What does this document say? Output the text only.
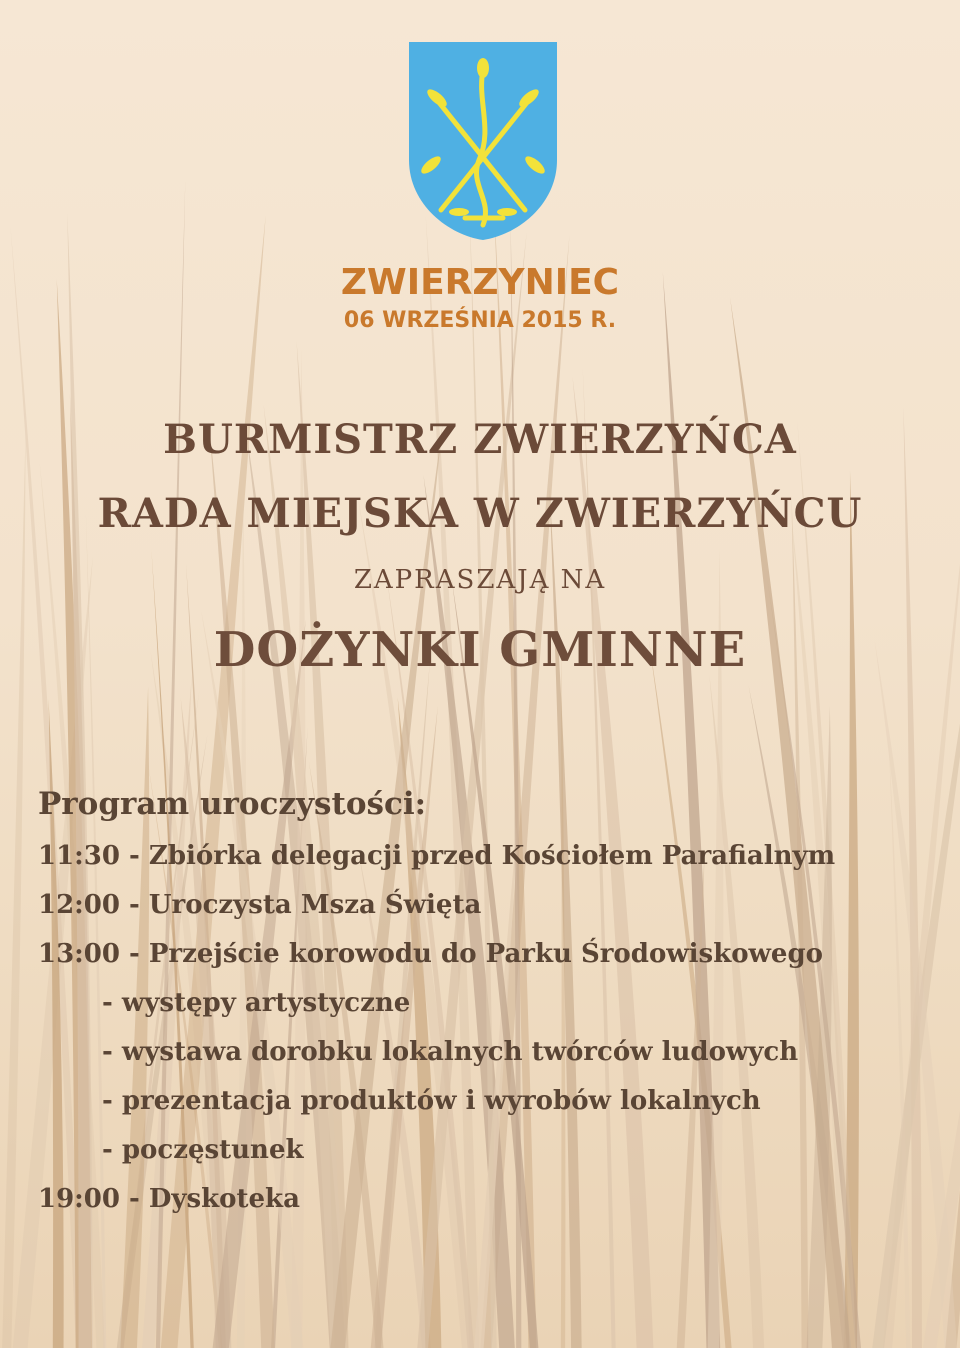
ZWIERZYNIEC
06 WRZEŚNIA 2015 R.
BURMISTRZ ZWIERZYŃCA
RADA MIEJSKA W ZWIERZYŃCU
ZAPRASZAJĄ NA
DOŻYNKI GMINNE
Program uroczystości:
11:30 - Zbiórka delegacji przed Kościołem Parafialnym
12:00 - Uroczysta Msza Święta
13:00 - Przejście korowodu do Parku Środowiskowego
- występy artystyczne
- wystawa dorobku lokalnych twórców ludowych
- prezentacja produktów i wyrobów lokalnych
- poczęstunek
19:00 - Dyskoteka
